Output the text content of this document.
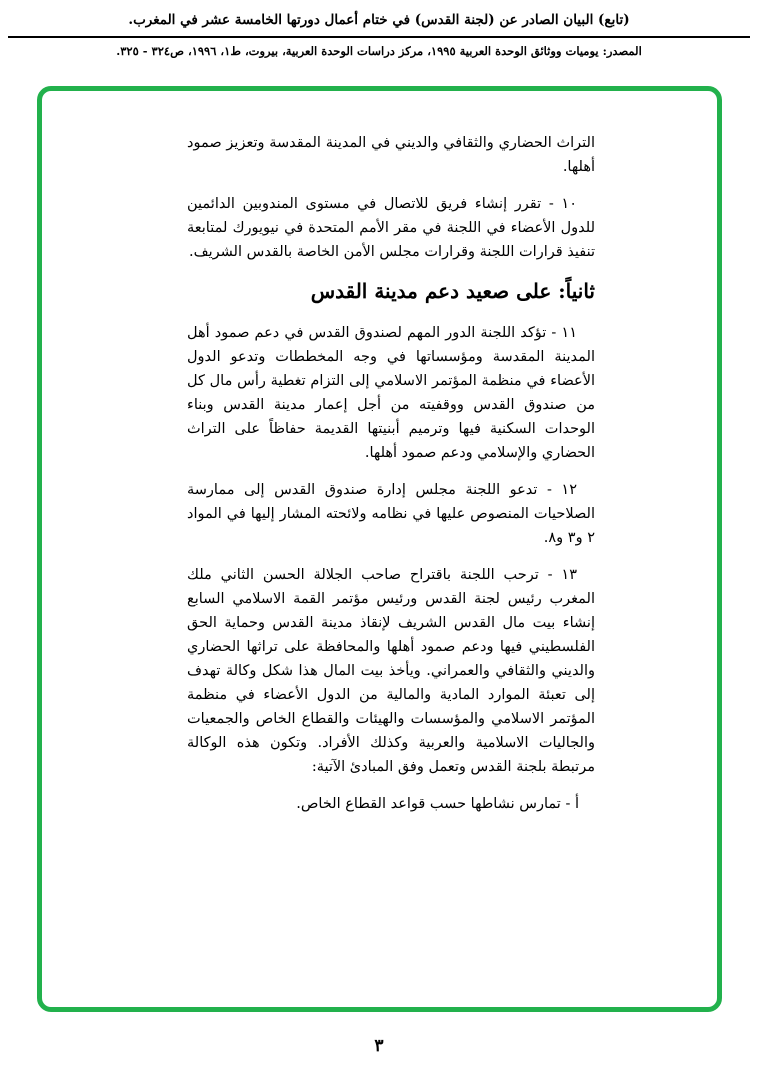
(تابع) البيان الصادر عن (لجنة القدس) في ختام أعمال دورتها الخامسة عشر في المغرب.

المصدر: يوميات ووثائق الوحدة العربية ١٩٩٥، مركز دراسات الوحدة العربية، بيروت، ط١، ١٩٩٦، ص٣٢٤ - ٣٢٥.

التراث الحضاري والثقافي والديني في المدينة المقدسة وتعزيز صمود أهلها.

١٠ - تقرر إنشاء فريق للاتصال في مستوى المندوبين الدائمين للدول الأعضاء في اللجنة في مقر الأمم المتحدة في نيويورك لمتابعة تنفيذ قرارات اللجنة وقرارات مجلس الأمن الخاصة بالقدس الشريف.

ثانياً: على صعيد دعم مدينة القدس

١١ - تؤكد اللجنة الدور المهم لصندوق القدس في دعم صمود أهل المدينة المقدسة ومؤسساتها في وجه المخططات وتدعو الدول الأعضاء في منظمة المؤتمر الاسلامي إلى التزام تغطية رأس مال كل من صندوق القدس ووقفيته من أجل إعمار مدينة القدس وبناء الوحدات السكنية فيها وترميم أبنيتها القديمة حفاظاً على التراث الحضاري والإسلامي ودعم صمود أهلها.

١٢ - تدعو اللجنة مجلس إدارة صندوق القدس إلى ممارسة الصلاحيات المنصوص عليها في نظامه ولائحته المشار إليها في المواد ٢ و٣ و٨.

١٣ - ترحب اللجنة باقتراح صاحب الجلالة الحسن الثاني ملك المغرب رئيس لجنة القدس ورئيس مؤتمر القمة الاسلامي السابع إنشاء بيت مال القدس الشريف لإنقاذ مدينة القدس وحماية الحق الفلسطيني فيها ودعم صمود أهلها والمحافظة على تراثها الحضاري والديني والثقافي والعمراني. ويأخذ بيت المال هذا شكل وكالة تهدف إلى تعبئة الموارد المادية والمالية من الدول الأعضاء في منظمة المؤتمر الاسلامي والمؤسسات والهيئات والقطاع الخاص والجمعيات والجاليات الاسلامية والعربية وكذلك الأفراد. وتكون هذه الوكالة مرتبطة بلجنة القدس وتعمل وفق المبادئ الآتية:

أ - تمارس نشاطها حسب قواعد القطاع الخاص.

٣
